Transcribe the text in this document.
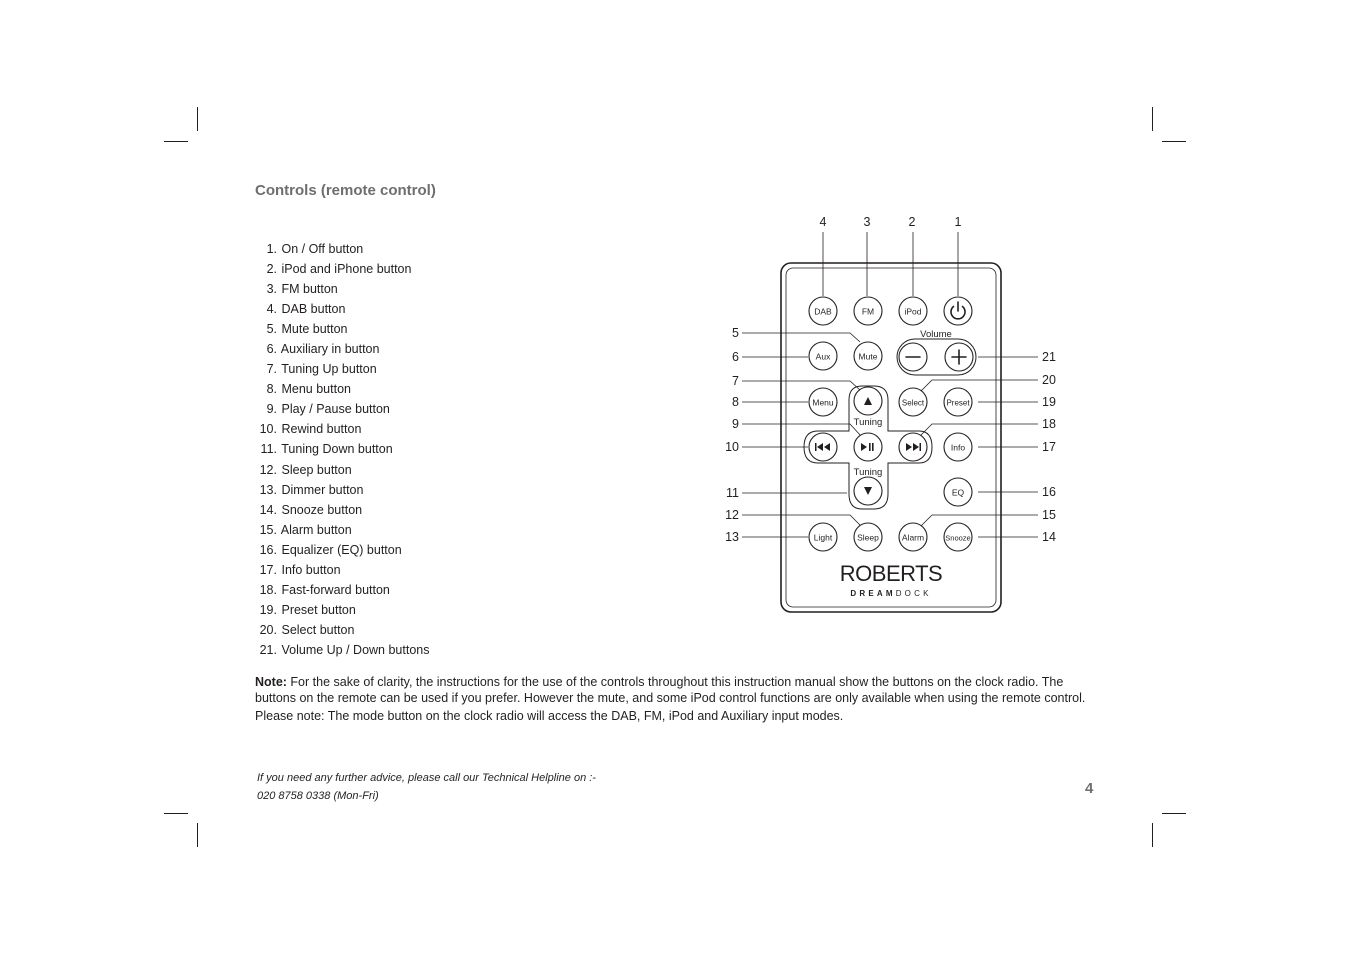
Controls (remote control)
1. On / Off button
2. iPod and iPhone button
3. FM button
4. DAB button
5. Mute button
6. Auxiliary in button
7. Tuning Up button
8. Menu button
9. Play / Pause button
10. Rewind button
11. Tuning Down button
12. Sleep button
13. Dimmer button
14. Snooze button
15. Alarm button
16. Equalizer (EQ) button
17. Info button
18. Fast-forward button
19. Preset button
20. Select button
21. Volume Up / Down buttons
DAB	FM	iPod
Aux	Mute
Menu	Select	Preset
Info
EQ
Light	Sleep	Alarm	Snooze
Volume
Tuning
Tuning
ROBERTS
DREAMDOCK
4	3	2	1
5
6
7
8
9
10
11
12
13
21
20
19
18
17
16
15
14

Note: For the sake of clarity, the instructions for the use of the controls throughout this instruction manual show the buttons on the clock radio. The buttons on the remote can be used if you prefer. However the mute, and some iPod control functions are only available when using the remote control.

Please note: The mode button on the clock radio will access the DAB, FM, iPod and Auxiliary input modes.

If you need any further advice, please call our Technical Helpline on :-
020 8758 0338 (Mon-Fri)	4
